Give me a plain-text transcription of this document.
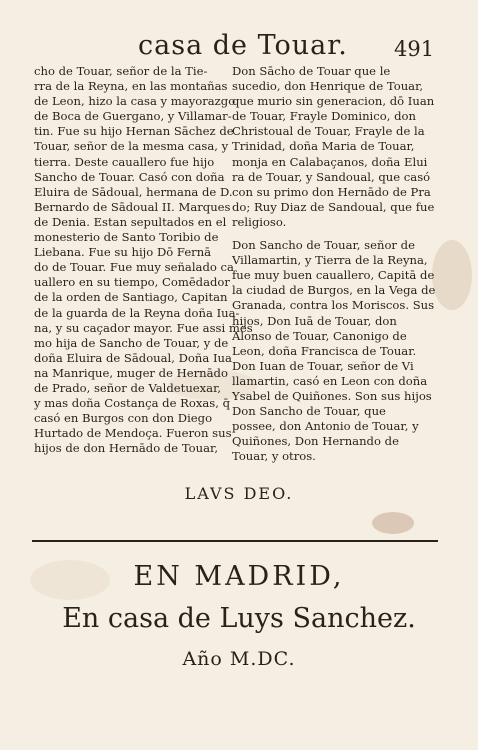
casa de Touar. 491
cho de Touar, señor de la Tie-
rra de la Reyna, en las montañas
de Leon, hizo la casa y mayorazgo
de Boca de Guergano, y Villamar-
tin. Fue su hijo Hernan Sāchez de
Touar, señor de la mesma casa, y
tierra. Deste cauallero fue hijo
Sancho de Touar. Casó con doña
Eluira de Sādoual, hermana de D.
Bernardo de Sādoual II. Marques
de Denia. Estan sepultados en el
monesterio de Santo Toribio de
Liebana. Fue su hijo Dō Fernā
do de Touar. Fue muy señalado ca
uallero en su tiempo, Comēdador
de la orden de Santiago, Capitan
de la guarda de la Reyna doña Iua-
na, y su caçador mayor. Fue assi mes
mo hija de Sancho de Touar, y de
doña Eluira de Sādoual, Doña Iua
na Manrique, muger de Hernādo
de Prado, señor de Valdetuexar,
y mas doña Costança de Roxas, q̄
casó en Burgos con don Diego
Hurtado de Mendoça. Fueron sus
hijos de don Hernādo de Touar,
Don Sācho de Touar que le
sucedio, don Henrique de Touar,
que murio sin generacion, dō Iuan
de Touar, Frayle Dominico, don
Christoual de Touar, Frayle de la
Trinidad, doña Maria de Touar,
monja en Calabaçanos, doña Elui
ra de Touar, y Sandoual, que casó
con su primo don Hernādo de Pra
do; Ruy Diaz de Sandoual, que fue
religioso.
Don Sancho de Touar, señor de
Villamartin, y Tierra de la Reyna,
fue muy buen cauallero, Capitā de
la ciudad de Burgos, en la Vega de
Granada, contra los Moriscos. Sus
hijos, Don Iuā de Touar, don
Alonso de Touar, Canonigo de
Leon, doña Francisca de Touar.
Don Iuan de Touar, señor de Vi
llamartin, casó en Leon con doña
Ysabel de Quiñones. Son sus hijos
Don Sancho de Touar, que
possee, don Antonio de Touar, y
Quiñones, Don Hernando de
Touar, y otros.
LAVS DEO.
EN MADRID,
En casa de Luys Sanchez.
Año M.DC.
